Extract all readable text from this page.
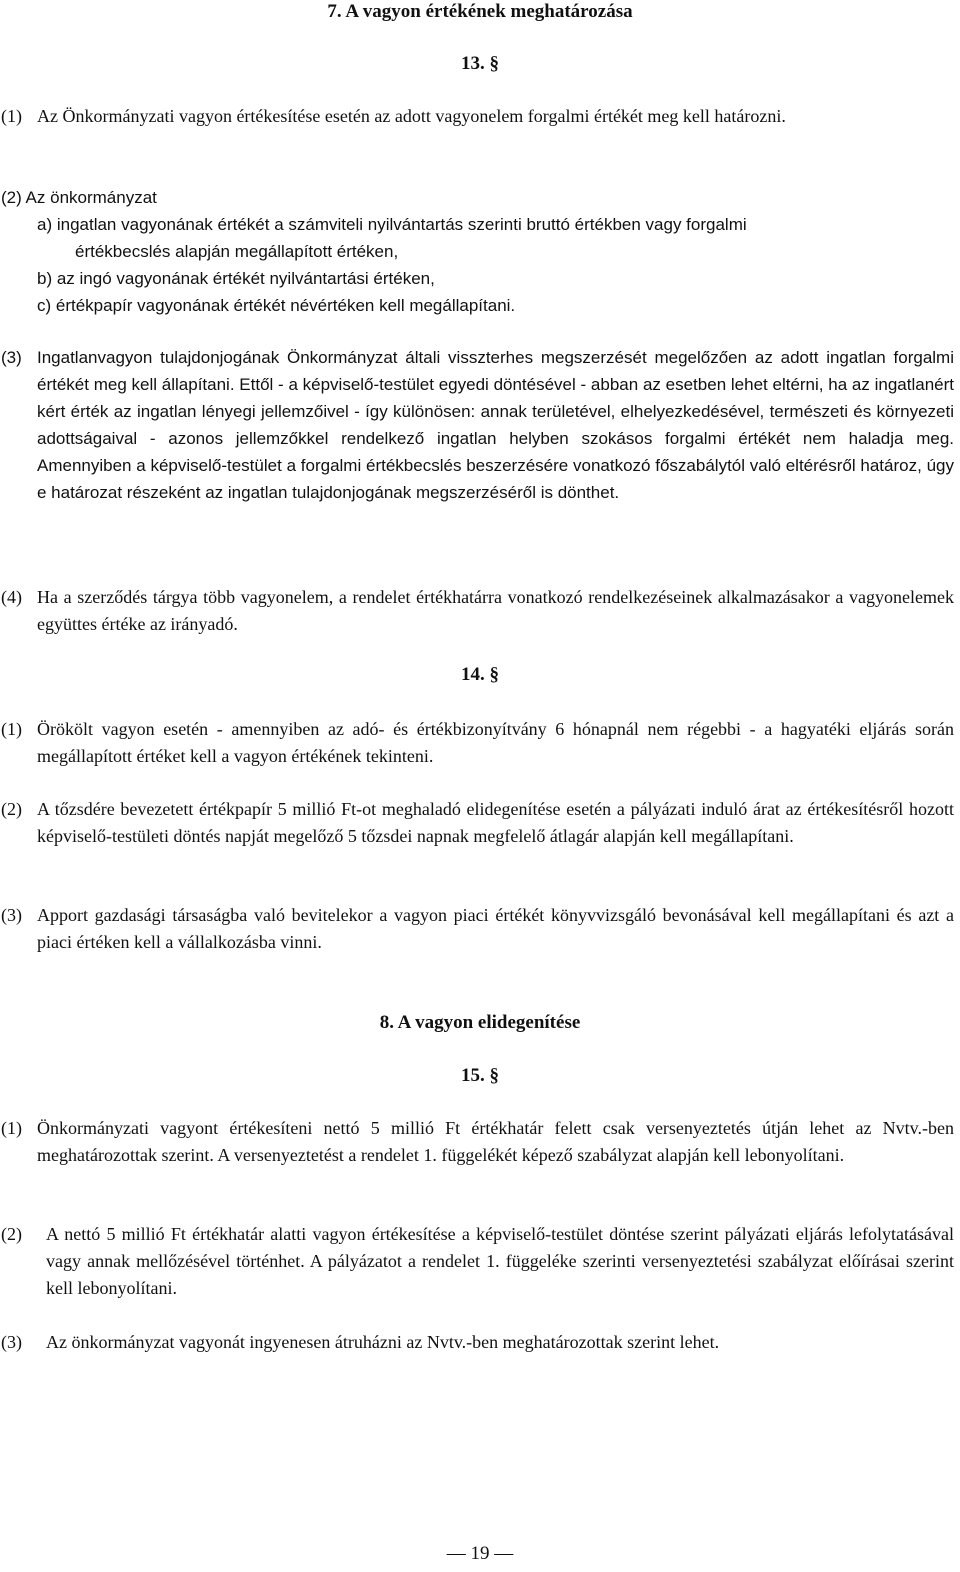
7. A vagyon értékének meghatározása
13. §
(1) Az Önkormányzati vagyon értékesítése esetén az adott vagyonelem forgalmi értékét meg kell határozni.
(2) Az önkormányzat
a) ingatlan vagyonának értékét a számviteli nyilvántartás szerinti bruttó értékben vagy forgalmi
értékbecslés alapján megállapított értéken,
b) az ingó vagyonának értékét nyilvántartási értéken,
c) értékpapír vagyonának értékét névértéken kell megállapítani.
(3) Ingatlanvagyon tulajdonjogának Önkormányzat általi visszterhes megszerzését megelőzően az adott ingatlan forgalmi értékét meg kell állapítani. Ettől - a képviselő-testület egyedi döntésével - abban az esetben lehet eltérni, ha az ingatlanért kért érték az ingatlan lényegi jellemzőivel - így különösen: annak területével, elhelyezkedésével, természeti és környezeti adottságaival - azonos jellemzőkkel rendelkező ingatlan helyben szokásos forgalmi értékét nem haladja meg. Amennyiben a képviselő-testület a forgalmi értékbecslés beszerzésére vonatkozó főszabálytól való eltérésről határoz, úgy e határozat részeként az ingatlan tulajdonjogának megszerzéséről is dönthet.
(4) Ha a szerződés tárgya több vagyonelem, a rendelet értékhatárra vonatkozó rendelkezéseinek alkalmazásakor a vagyonelemek együttes értéke az irányadó.
14. §
(1) Örökölt vagyon esetén - amennyiben az adó- és értékbizonyítvány 6 hónapnál nem régebbi - a hagyatéki eljárás során megállapított értéket kell a vagyon értékének tekinteni.
(2) A tőzsdére bevezetett értékpapír 5 millió Ft-ot meghaladó elidegenítése esetén a pályázati induló árat az értékesítésről hozott képviselő-testületi döntés napját megelőző 5 tőzsdei napnak megfelelő átlagár alapján kell megállapítani.
(3) Apport gazdasági társaságba való bevitelekor a vagyon piaci értékét könyvvizsgáló bevonásával kell megállapítani és azt a piaci értéken kell a vállalkozásba vinni.
8. A vagyon elidegenítése
15. §
(1) Önkormányzati vagyont értékesíteni nettó 5 millió Ft értékhatár felett csak versenyeztetés útján lehet az Nvtv.-ben meghatározottak szerint. A versenyeztetést a rendelet 1. függelékét képező szabályzat alapján kell lebonyolítani.
(2) A nettó 5 millió Ft értékhatár alatti vagyon értékesítése a képviselő-testület döntése szerint pályázati eljárás lefolytatásával vagy annak mellőzésével történhet. A pályázatot a rendelet 1. függeléke szerinti versenyeztetési szabályzat előírásai szerint kell lebonyolítani.
(3) Az önkormányzat vagyonát ingyenesen átruházni az Nvtv.-ben meghatározottak szerint lehet.
— 19 —
